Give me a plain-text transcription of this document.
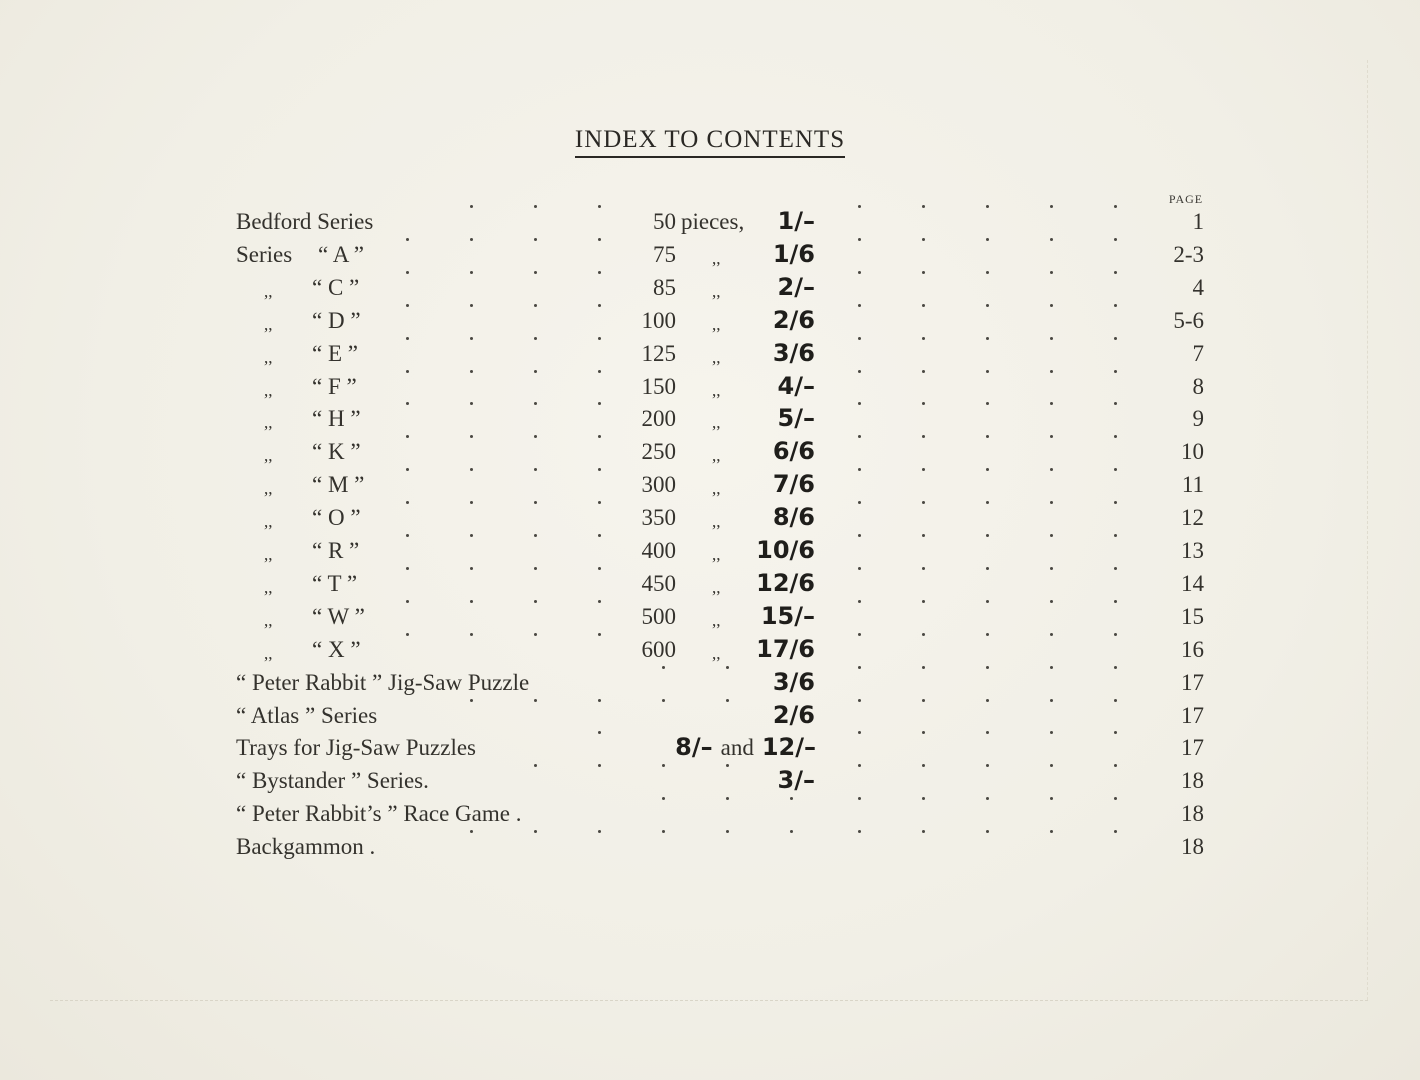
INDEX TO CONTENTS
PAGE
Bedford Series	50 pieces,	1/–	1
Series “ A ”	75 ,,	1/6	2-3
,, “ C ”	85 ,,	2/–	4
,, “ D ”	100 ,,	2/6	5-6
,, “ E ”	125 ,,	3/6	7
,, “ F ”	150 ,,	4/–	8
,, “ H ”	200 ,,	5/–	9
,, “ K ”	250 ,,	6/6	10
,, “ M ”	300 ,,	7/6	11
,, “ O ”	350 ,,	8/6	12
,, “ R ”	400 ,,	10/6	13
,, “ T ”	450 ,,	12/6	14
,, “ W ”	500 ,,	15/–	15
,, “ X ”	600 ,,	17/6	16
“ Peter Rabbit ” Jig-Saw Puzzle	3/6	17
“ Atlas ” Series	2/6	17
Trays for Jig-Saw Puzzles	8/– and 12/–	17
“ Bystander ” Series.	3/–	18
“ Peter Rabbit’s ” Race Game .	18
Backgammon .	18
